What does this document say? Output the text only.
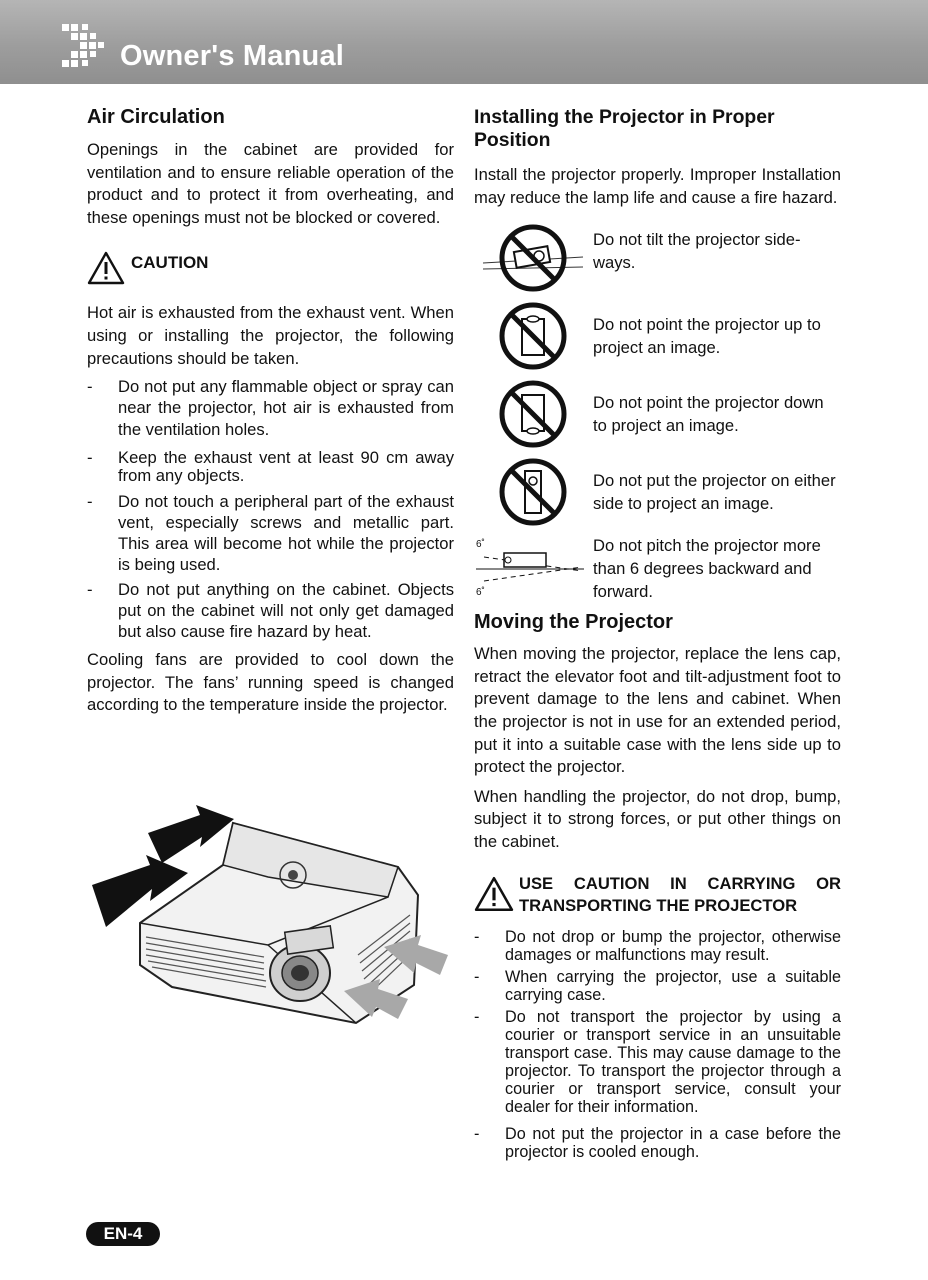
Owner's Manual
Air Circulation

Openings in the cabinet are provided for ventilation and to ensure reliable operation of the product and to protect it from overheating, and these openings must not be blocked or covered.

CAUTION

Hot air is exhausted from the exhaust vent. When using or installing the projector, the following precautions should be taken.

- Do not put any flammable object or spray can near the projector, hot air is exhausted from the ventilation holes.
- Keep the exhaust vent at least 90 cm away from any objects.
- Do not touch a peripheral part of the exhaust vent, especially screws and metallic part. This area will become hot while the projector is being used.
- Do not put anything on the cabinet. Objects put on the cabinet will not only get damaged but also cause fire hazard by heat.

Cooling fans are provided to cool down the projector. The fans’ running speed is changed according to the temperature inside the projector.

Installing the Projector in Proper Position

Install the projector properly. Improper Installation may reduce the lamp life and cause a fire hazard.

Do not tilt the projector side-ways.
Do not point the projector up to project an image.
Do not point the projector down to project an image.
Do not put the projector on either side to project an image.
6˚
6˚
Do not pitch the projector more than 6 degrees backward and forward.
Moving the Projector

When moving the projector, replace the lens cap, retract the elevator foot and tilt-adjustment foot to prevent damage to the lens and cabinet. When the projector is not in use for an extended period, put it into a suitable case with the lens side up to protect the projector.

When handling the projector, do not drop, bump, subject it to strong forces, or put other things on the cabinet.

USE CAUTION IN CARRYING OR TRANSPORTING THE PROJECTOR
- Do not drop or bump the projector, otherwise damages or malfunctions may result.
- When carrying the projector, use a suitable carrying case.
- Do not transport the projector by using a courier or transport service in an unsuitable transport case. This may cause damage to the projector. To transport the projector through a courier or transport service, consult your dealer for their information.
- Do not put the projector in a case before the projector is cooled enough.
EN-4
